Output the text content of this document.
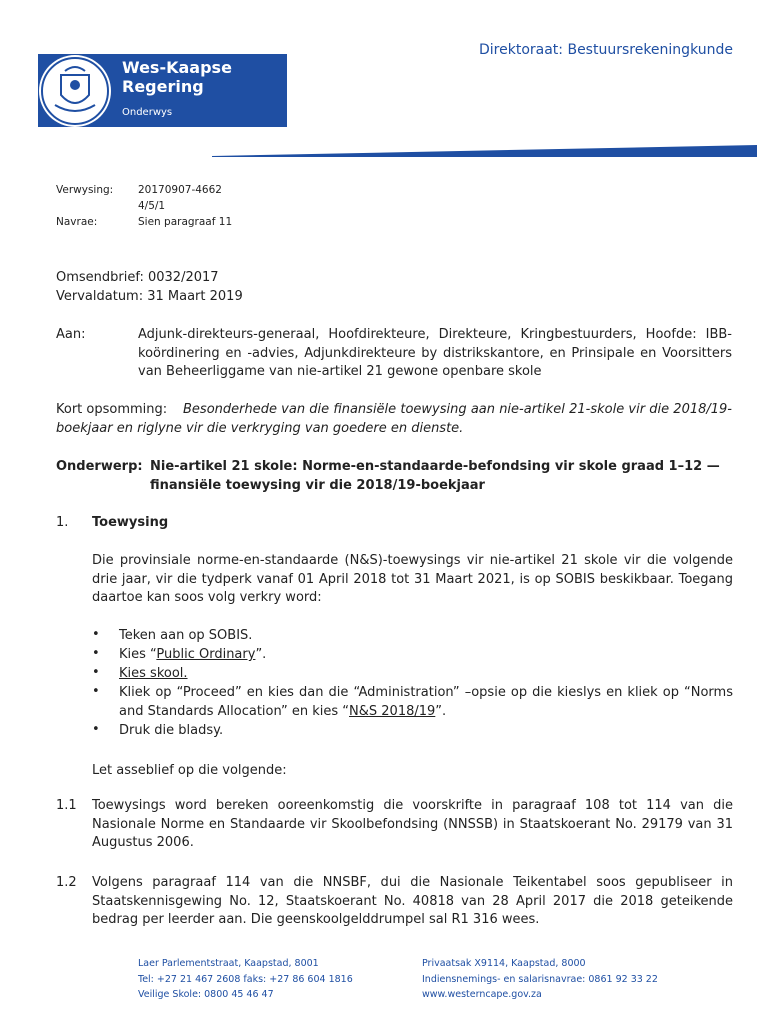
Wes-Kaapse
Regering
Onderwys
Direktoraat: Bestuursrekeningkunde
Verwysing: 20170907-4662
4/5/1
Navrae:	Sien paragraaf 11
Omsendbrief: 0032/2017
Vervaldatum: 31 Maart 2019
Aan:	Adjunk-direkteurs-generaal, Hoofdirekteure, Direkteure, Kringbestuurders, Hoofde: IBB-koördinering en -advies, Adjunkdirekteure by distrikskantore, en Prinsipale en Voorsitters van Beheerliggame van nie-artikel 21 gewone openbare skole
Kort opsomming:	Besonderhede van die finansiële toewysing aan nie-artikel 21-skole vir die 2018/19- boekjaar en riglyne vir die verkryging van goedere en dienste.
Onderwerp: Nie-artikel 21 skole: Norme-en-standaarde-befondsing vir skole graad 1–12 —
finansiële toewysing vir die 2018/19-boekjaar
1. Toewysing
Die provinsiale norme-en-standaarde (N&S)-toewysings vir nie-artikel 21 skole vir die volgende drie jaar, vir die tydperk vanaf 01 April 2018 tot 31 Maart 2021, is op SOBIS beskikbaar. Toegang daartoe kan soos volg verkry word:
• Teken aan op SOBIS.
• Kies “Public Ordinary”.
• Kies skool.
• Kliek op “Proceed” en kies dan die “Administration” –opsie op die kieslys en kliek op “Norms and Standards Allocation” en kies “N&S 2018/19”.
• Druk die bladsy.
Let asseblief op die volgende:
1.1 Toewysings word bereken ooreenkomstig die voorskrifte in paragraaf 108 tot 114 van die Nasionale Norme en Standaarde vir Skoolbefondsing (NNSSB) in Staatskoerant No. 29179 van 31 Augustus 2006.
1.2 Volgens paragraaf 114 van die NNSBF, dui die Nasionale Teikentabel soos gepubliseer in Staatskennisgewing No. 12, Staatskoerant No. 40818 van 28 April 2017 die 2018 geteikende bedrag per leerder aan. Die geenskoolgelddrumpel sal R1 316 wees.
Laer Parlementstraat, Kaapstad, 8001
Tel: +27 21 467 2608 faks: +27 86 604 1816
Veilige Skole: 0800 45 46 47
Privaatsak X9114, Kaapstad, 8000
Indiensnemings- en salarisnavrae: 0861 92 33 22
www.westerncape.gov.za
